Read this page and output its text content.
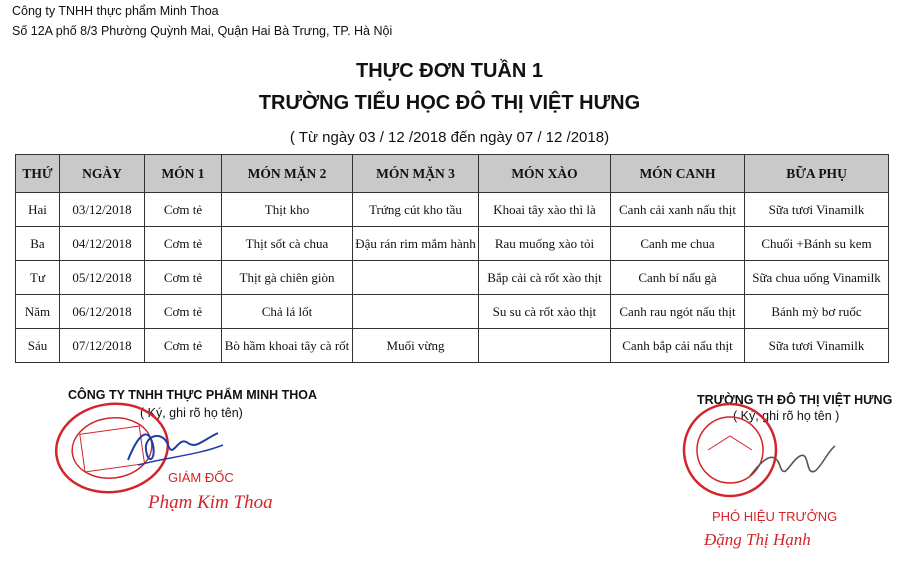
Công ty TNHH thực phẩm Minh Thoa
Số 12A phố 8/3 Phường Quỳnh Mai, Quận Hai Bà Trưng, TP. Hà Nội
THỰC ĐƠN TUẦN 1
TRƯỜNG TIỂU HỌC ĐÔ THỊ VIỆT HƯNG
( Từ ngày 03 / 12 /2018 đến ngày 07 / 12 /2018)
THỨ	NGÀY	MÓN 1	MÓN MẶN 2	MÓN MẶN 3	MÓN XÀO	MÓN CANH	BỮA PHỤ
Hai	03/12/2018	Cơm tẻ	Thịt kho	Trứng cút kho tầu	Khoai tây xào thì là	Canh cải xanh nấu thịt	Sữa tươi Vinamilk
Ba	04/12/2018	Cơm tẻ	Thịt sốt cà chua	Đậu rán rim mắm hành	Rau muống xào tỏi	Canh me chua	Chuối +Bánh su kem
Tư	05/12/2018	Cơm tẻ	Thịt gà chiên giòn		Bắp cải cà rốt xào thịt	Canh bí nấu gà	Sữa chua uống Vinamilk
Năm	06/12/2018	Cơm tẻ	Chả lá lốt		Su su cà rốt xào thịt	Canh rau ngót nấu thịt	Bánh mỳ bơ ruốc
Sáu	07/12/2018	Cơm tẻ	Bò hầm khoai tây cà rốt	Muối vừng		Canh bắp cải nấu thịt	Sữa tươi Vinamilk
CÔNG TY TNHH THỰC PHẨM MINH THOA
( Ký, ghi rõ họ tên)
GIÁM ĐỐC
Phạm Kim Thoa
TRƯỜNG TH ĐÔ THỊ VIỆT HƯNG
( Ký, ghi rõ họ tên )
PHÓ HIỆU TRƯỞNG
Đặng Thị Hạnh
